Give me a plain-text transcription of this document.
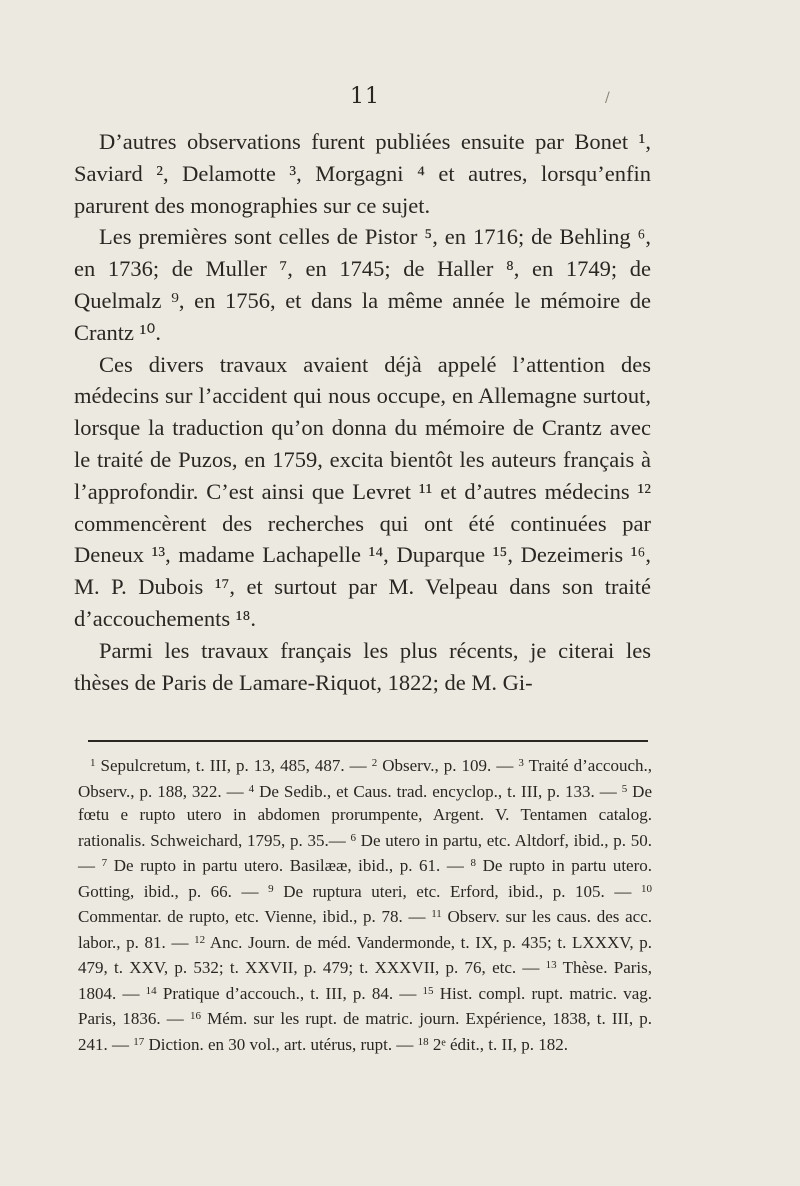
11	/

D’autres observations furent publiées ensuite par Bonet ¹, Saviard ², Delamotte ³, Morgagni ⁴ et autres, lorsqu’enfin parurent des monographies sur ce sujet.

Les premières sont celles de Pistor ⁵, en 1716; de Behling ⁶, en 1736; de Muller ⁷, en 1745; de Haller ⁸, en 1749; de Quelmalz ⁹, en 1756, et dans la même année le mémoire de Crantz ¹⁰.

Ces divers travaux avaient déjà appelé l’attention des médecins sur l’accident qui nous occupe, en Allemagne surtout, lorsque la traduction qu’on donna du mémoire de Crantz avec le traité de Puzos, en 1759, excita bientôt les auteurs français à l’approfondir. C’est ainsi que Levret ¹¹ et d’autres médecins ¹² commencèrent des recherches qui ont été continuées par Deneux ¹³, madame Lachapelle ¹⁴, Duparque ¹⁵, Dezeimeris ¹⁶, M. P. Dubois ¹⁷, et surtout par M. Velpeau dans son traité d’accouchements ¹⁸.

Parmi les travaux français les plus récents, je citerai les thèses de Paris de Lamare-Riquot, 1822; de M. Gi-

$^1$ Sepulcretum, t. III, p. 13, 485, 487. — $^2$ Observ., p. 109. — $^3$ Traité d’accouch., Observ., p. 188, 322. — $^4$ De Sedib., et Caus. trad. encyclop., t. III, p. 133. — $^5$ De fœtu e rupto utero in abdomen prorumpente, Argent. V. Tentamen catalog. rationalis. Schweichard, 1795, p. 35.— $^6$ De utero in partu, etc. Altdorf, ibid., p. 50. — $^7$ De rupto in partu utero. Basilææ, ibid., p. 61. — $^8$ De rupto in partu utero. Gotting, ibid., p. 66. — $^9$ De ruptura uteri, etc. Erford, ibid., p. 105. — $^{10}$ Commentar. de rupto, etc. Vienne, ibid., p. 78. — $^{11}$ Observ. sur les caus. des acc. labor., p. 81. — $^{12}$ Anc. Journ. de méd. Vandermonde, t. IX, p. 435; t. LXXXV, p. 479, t. XXV, p. 532; t. XXVII, p. 479; t. XXXVII, p. 76, etc. — $^{13}$ Thèse. Paris, 1804. — $^{14}$ Pratique d’accouch., t. III, p. 84. — $^{15}$ Hist. compl. rupt. matric. vag. Paris, 1836. — $^{16}$ Mém. sur les rupt. de matric. journ. Expérience, 1838, t. III, p. 241. — $^{17}$ Diction. en 30 vol., art. utérus, rupt. — $^{18}$ 2ᵉ édit., t. II, p. 182.
